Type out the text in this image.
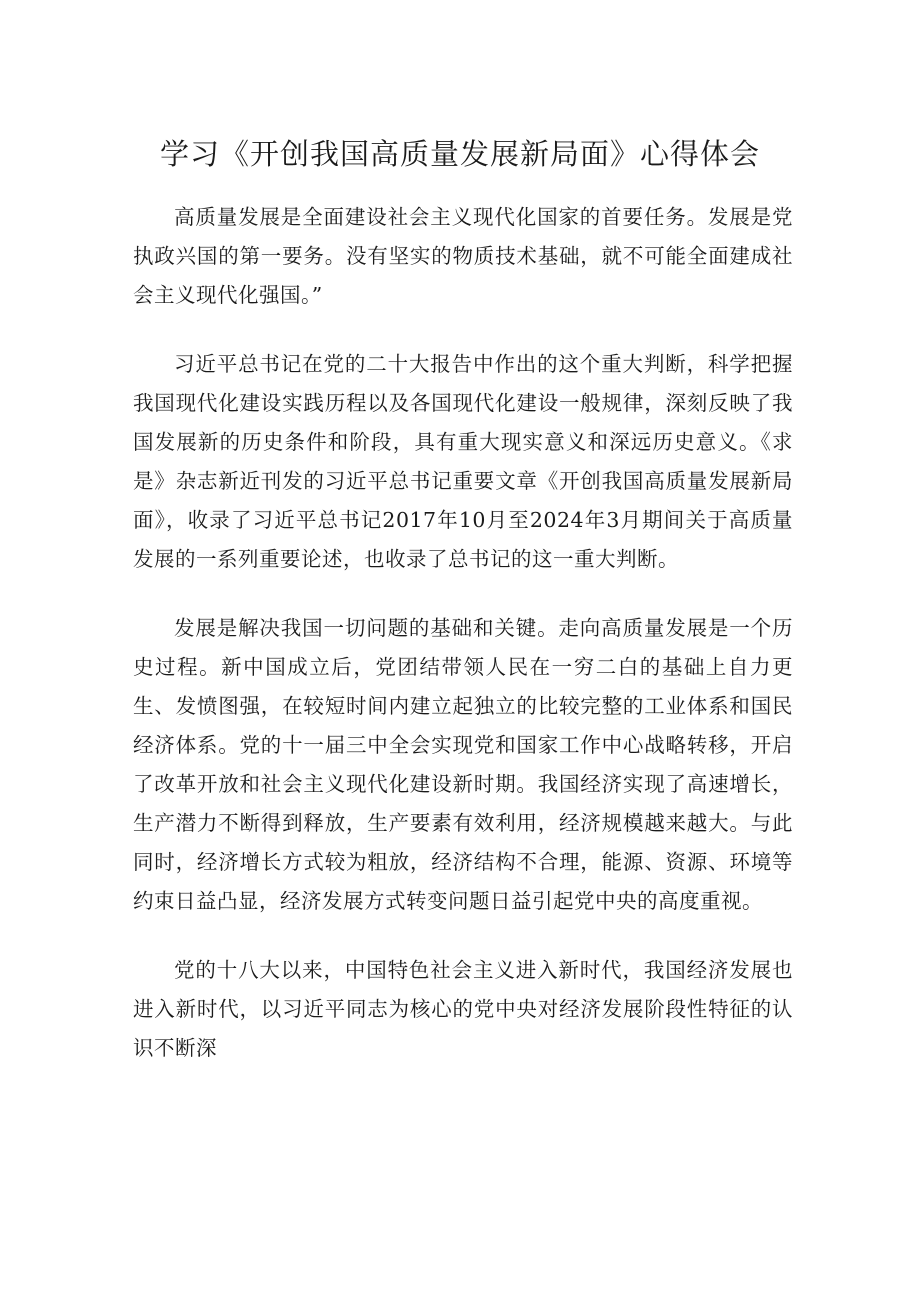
学习《开创我国高质量发展新局面》心得体会

高质量发展是全面建设社会主义现代化国家的首要任务。发展是党执政兴国的第一要务。没有坚实的物质技术基础，就不可能全面建成社会主义现代化强国。”

习近平总书记在党的二十大报告中作出的这个重大判断，科学把握我国现代化建设实践历程以及各国现代化建设一般规律，深刻反映了我国发展新的历史条件和阶段，具有重大现实意义和深远历史意义。《求是》杂志新近刊发的习近平总书记重要文章《开创我国高质量发展新局面》，收录了习近平总书记2017年10月至2024年3月期间关于高质量发展的一系列重要论述，也收录了总书记的这一重大判断。

发展是解决我国一切问题的基础和关键。走向高质量发展是一个历史过程。新中国成立后，党团结带领人民在一穷二白的基础上自力更生、发愤图强，在较短时间内建立起独立的比较完整的工业体系和国民经济体系。党的十一届三中全会实现党和国家工作中心战略转移，开启了改革开放和社会主义现代化建设新时期。我国经济实现了高速增长，生产潜力不断得到释放，生产要素有效利用，经济规模越来越大。与此同时，经济增长方式较为粗放，经济结构不合理，能源、资源、环境等约束日益凸显，经济发展方式转变问题日益引起党中央的高度重视。

党的十八大以来，中国特色社会主义进入新时代，我国经济发展也进入新时代，以习近平同志为核心的党中央对经济发展阶段性特征的认识不断深
